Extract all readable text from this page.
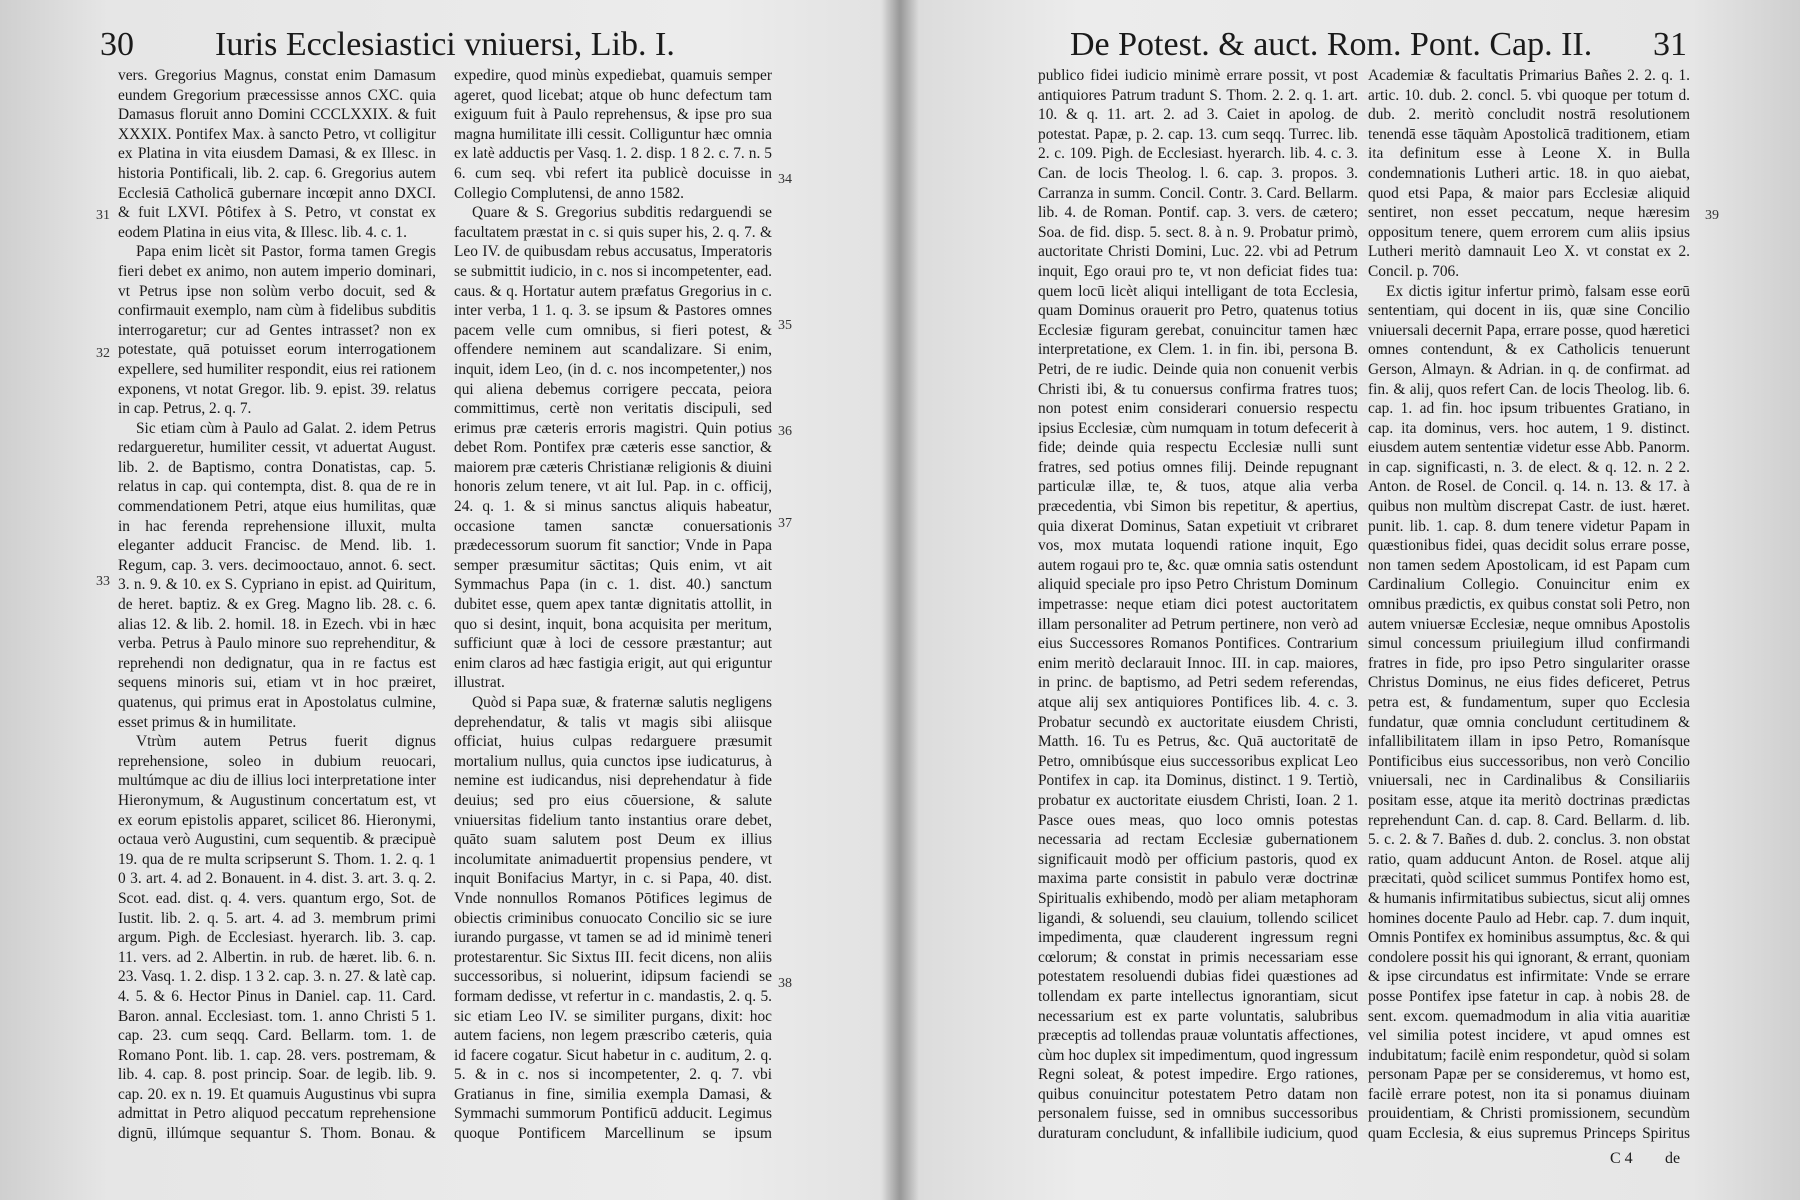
30 Iuris Ecclesiastici vniuersi, Lib. I.

vers. Gregorius Magnus, constat enim Damasum eundem Gregorium præcessisse annos CXC. quia Damasus floruit anno Domini CCCLXXIX. & fuit XXXIX. Pontifex Max. à sancto Petro, vt colligitur ex Platina in vita eiusdem Damasi, & ex Illesc. in historia Pontificali, lib. 2. cap. 6. Gregorius autem Ecclesiā Catholicā gubernare incœpit anno DXCI. & fuit LXVI. Pôtifex à S. Petro, vt constat ex eodem Platina in eius vita, & Illesc. lib. 4. c. 1.

Papa enim licèt sit Pastor, forma tamen Gregis fieri debet ex animo, non autem imperio dominari, vt Petrus ipse non solùm verbo docuit, sed & confirmauit exemplo, nam cùm à fidelibus subditis interrogaretur; cur ad Gentes intrasset? non ex potestate, quā potuisset eorum interrogationem expellere, sed humiliter respondit, eius rei rationem exponens, vt notat Gregor. lib. 9. epist. 39. relatus in cap. Petrus, 2. q. 7.

Sic etiam cùm à Paulo ad Galat. 2. idem Petrus redargueretur, humiliter cessit, vt aduertat August. lib. 2. de Baptismo, contra Donatistas, cap. 5. relatus in cap. qui contempta, dist. 8. qua de re in commendationem Petri, atque eius humilitas, quæ in hac ferenda reprehensione illuxit, multa eleganter adducit Francisc. de Mend. lib. 1. Regum, cap. 3. vers. decimooctauo, annot. 6. sect. 3. n. 9. & 10. ex S. Cypriano in epist. ad Quiritum, de heret. baptiz. & ex Greg. Magno lib. 28. c. 6. alias 12. & lib. 2. homil. 18. in Ezech. vbi in hæc verba. Petrus à Paulo minore suo reprehenditur, & reprehendi non dedignatur, qua in re factus est sequens minoris sui, etiam vt in hoc præiret, quatenus, qui primus erat in Apostolatus culmine, esset primus & in humilitate.

Vtrùm autem Petrus fuerit dignus reprehensione, soleo in dubium reuocari, multúmque ac diu de illius loci interpretatione inter Hieronymum, & Augustinum concertatum est, vt ex eorum epistolis apparet, scilicet 86. Hieronymi, octaua verò Augustini, cum sequentib. & præcipuè 19. qua de re multa scripserunt S. Thom. 1. 2. q. 1 0 3. art. 4. ad 2. Bonauent. in 4. dist. 3. art. 3. q. 2. Scot. ead. dist. q. 4. vers. quantum ergo, Sot. de Iustit. lib. 2. q. 5. art. 4. ad 3. membrum primi argum. Pigh. de Ecclesiast. hyerarch. lib. 3. cap. 11. vers. ad 2. Albertin. in rub. de hæret. lib. 6. n. 23. Vasq. 1. 2. disp. 1 3 2. cap. 3. n. 27. & latè cap. 4. 5. & 6. Hector Pinus in Daniel. cap. 11. Card. Baron. annal. Ecclesiast. tom. 1. anno Christi 5 1. cap. 23. cum seqq. Card. Bellarm. tom. 1. de Romano Pont. lib. 1. cap. 28. vers. postremam, & lib. 4. cap. 8. post princip. Soar. de legib. lib. 9. cap. 20. ex n. 19. Et quamuis Augustinus vbi supra admittat in Petro aliquod peccatum reprehensione dignū, illúmque sequantur S. Thom. Bonau. &

expedire, quod minùs expediebat, quamuis semper ageret, quod licebat; atque ob hunc defectum tam exiguum fuit à Paulo reprehensus, & ipse pro sua magna humilitate illi cessit. Colliguntur hæc omnia ex latè adductis per Vasq. 1. 2. disp. 1 8 2. c. 7. n. 5 6. cum seq. vbi refert ita publicè docuisse in Collegio Complutensi, de anno 1582.

Quare & S. Gregorius subditis redarguendi se facultatem præstat in c. si quis super his, 2. q. 7. & Leo IV. de quibusdam rebus accusatus, Imperatoris se submittit iudicio, in c. nos si incompetenter, ead. caus. & q. Hortatur autem præfatus Gregorius in c. inter verba, 1 1. q. 3. se ipsum & Pastores omnes pacem velle cum omnibus, si fieri potest, & offendere neminem aut scandalizare. Si enim, inquit, idem Leo, (in d. c. nos incompetenter,) nos qui aliena debemus corrigere peccata, peiora committimus, certè non veritatis discipuli, sed erimus præ cæteris erroris magistri. Quin potius debet Rom. Pontifex præ cæteris esse sanctior, & maiorem præ cæteris Christianæ religionis & diuini honoris zelum tenere, vt ait Iul. Pap. in c. officij, 24. q. 1. & si minus sanctus aliquis habeatur, occasione tamen sanctæ conuersationis prædecessorum suorum fit sanctior; Vnde in Papa semper præsumitur sāctitas; Quis enim, vt ait Symmachus Papa (in c. 1. dist. 40.) sanctum dubitet esse, quem apex tantæ dignitatis attollit, in quo si desint, inquit, bona acquisita per meritum, sufficiunt quæ à loci de cessore præstantur; aut enim claros ad hæc fastigia erigit, aut qui eriguntur illustrat.

Quòd si Papa suæ, & fraternæ salutis negligens deprehendatur, & talis vt magis sibi aliisque officiat, huius culpas redarguere præsumit mortalium nullus, quia cunctos ipse iudicaturus, à nemine est iudicandus, nisi deprehendatur à fide deuius; sed pro eius cōuersione, & salute vniuersitas fidelium tanto instantius orare debet, quāto suam salutem post Deum ex illius incolumitate animaduertit propensius pendere, vt inquit Bonifacius Martyr, in c. si Papa, 40. dist. Vnde nonnullos Romanos Pōtifices legimus de obiectis criminibus conuocato Concilio sic se iure iurando purgasse, vt tamen se ad id minimè teneri protestarentur. Sic Sixtus III. fecit dicens, non aliis successoribus, si noluerint, idipsum faciendi se formam dedisse, vt refertur in c. mandastis, 2. q. 5. sic etiam Leo IV. se similiter purgans, dixit: hoc autem faciens, non legem præscribo cæteris, quia id facere cogatur. Sicut habetur in c. auditum, 2. q. 5. & in c. nos si incompetenter, 2. q. 7. vbi Gratianus in fine, similia exempla Damasi, & Symmachi summorum Pontificū adducit. Legimus quoque Pontificem Marcellinum se ipsum

31
32
33
34
35
36
37
38
De Potest. & auct. Rom. Pont. Cap. II. 31

publico fidei iudicio minimè errare possit, vt post antiquiores Patrum tradunt S. Thom. 2. 2. q. 1. art. 10. & q. 11. art. 2. ad 3. Caiet in apolog. de potestat. Papæ, p. 2. cap. 13. cum seqq. Turrec. lib. 2. c. 109. Pigh. de Ecclesiast. hyerarch. lib. 4. c. 3. Can. de locis Theolog. l. 6. cap. 3. propos. 3. Carranza in summ. Concil. Contr. 3. Card. Bellarm. lib. 4. de Roman. Pontif. cap. 3. vers. de cætero; Soa. de fid. disp. 5. sect. 8. à n. 9. Probatur primò, auctoritate Christi Domini, Luc. 22. vbi ad Petrum inquit, Ego oraui pro te, vt non deficiat fides tua: quem locū licèt aliqui intelligant de tota Ecclesia, quam Dominus orauerit pro Petro, quatenus totius Ecclesiæ figuram gerebat, conuincitur tamen hæc interpretatione, ex Clem. 1. in fin. ibi, persona B. Petri, de re iudic. Deinde quia non conuenit verbis Christi ibi, & tu conuersus confirma fratres tuos; non potest enim considerari conuersio respectu ipsius Ecclesiæ, cùm numquam in totum defecerit à fide; deinde quia respectu Ecclesiæ nulli sunt fratres, sed potius omnes filij. Deinde repugnant particulæ illæ, te, & tuos, atque alia verba præcedentia, vbi Simon bis repetitur, & apertius, quia dixerat Dominus, Satan expetiuit vt cribraret vos, mox mutata loquendi ratione inquit, Ego autem rogaui pro te, &c. quæ omnia satis ostendunt aliquid speciale pro ipso Petro Christum Dominum impetrasse: neque etiam dici potest auctoritatem illam personaliter ad Petrum pertinere, non verò ad eius Successores Romanos Pontifices. Contrarium enim meritò declarauit Innoc. III. in cap. maiores, in princ. de baptismo, ad Petri sedem referendas, atque alij sex antiquiores Pontifices lib. 4. c. 3. Probatur secundò ex auctoritate eiusdem Christi, Matth. 16. Tu es Petrus, &c. Quā auctoritatē de Petro, omnibúsque eius successoribus explicat Leo Pontifex in cap. ita Dominus, distinct. 1 9. Tertiò, probatur ex auctoritate eiusdem Christi, Ioan. 2 1. Pasce oues meas, quo loco omnis potestas necessaria ad rectam Ecclesiæ gubernationem significauit modò per officium pastoris, quod ex maxima parte consistit in pabulo veræ doctrinæ Spiritualis exhibendo, modò per aliam metaphoram ligandi, & soluendi, seu clauium, tollendo scilicet impedimenta, quæ clauderent ingressum regni cœlorum; & constat in primis necessariam esse potestatem resoluendi dubias fidei quæstiones ad tollendam ex parte intellectus ignorantiam, sicut necessarium est ex parte voluntatis, salubribus præceptis ad tollendas prauæ voluntatis affectiones, cùm hoc duplex sit impedimentum, quod ingressum Regni soleat, & potest impedire. Ergo rationes, quibus conuincitur potestatem Petro datam non personalem fuisse, sed in omnibus successoribus duraturam concludunt, & infallibile iudicium, quod

Academiæ & facultatis Primarius Bañes 2. 2. q. 1. artic. 10. dub. 2. concl. 5. vbi quoque per totum d. dub. 2. meritò concludit nostrā resolutionem tenendā esse tāquàm Apostolicā traditionem, etiam ita definitum esse à Leone X. in Bulla condemnationis Lutheri artic. 18. in quo aiebat, quod etsi Papa, & maior pars Ecclesiæ aliquid sentiret, non esset peccatum, neque hæresim oppositum tenere, quem errorem cum aliis ipsius Lutheri meritò damnauit Leo X. vt constat ex 2. Concil. p. 706.

Ex dictis igitur infertur primò, falsam esse eorū sententiam, qui docent in iis, quæ sine Concilio vniuersali decernit Papa, errare posse, quod hæretici omnes contendunt, & ex Catholicis tenuerunt Gerson, Almayn. & Adrian. in q. de confirmat. ad fin. & alij, quos refert Can. de locis Theolog. lib. 6. cap. 1. ad fin. hoc ipsum tribuentes Gratiano, in cap. ita dominus, vers. hoc autem, 1 9. distinct. eiusdem autem sententiæ videtur esse Abb. Panorm. in cap. significasti, n. 3. de elect. & q. 12. n. 2 2. Anton. de Rosel. de Concil. q. 14. n. 13. & 17. à quibus non multùm discrepat Castr. de iust. hæret. punit. lib. 1. cap. 8. dum tenere videtur Papam in quæstionibus fidei, quas decidit solus errare posse, non tamen sedem Apostolicam, id est Papam cum Cardinalium Collegio. Conuincitur enim ex omnibus prædictis, ex quibus constat soli Petro, non autem vniuersæ Ecclesiæ, neque omnibus Apostolis simul concessum priuilegium illud confirmandi fratres in fide, pro ipso Petro singulariter orasse Christus Dominus, ne eius fides deficeret, Petrus petra est, & fundamentum, super quo Ecclesia fundatur, quæ omnia concludunt certitudinem & infallibilitatem illam in ipso Petro, Romanísque Pontificibus eius successoribus, non verò Concilio vniuersali, nec in Cardinalibus & Consiliariis positam esse, atque ita meritò doctrinas prædictas reprehendunt Can. d. cap. 8. Card. Bellarm. d. lib. 5. c. 2. & 7. Bañes d. dub. 2. conclus. 3. non obstat ratio, quam adducunt Anton. de Rosel. atque alij præcitati, quòd scilicet summus Pontifex homo est, & humanis infirmitatibus subiectus, sicut alij omnes homines docente Paulo ad Hebr. cap. 7. dum inquit, Omnis Pontifex ex hominibus assumptus, &c. & qui condolere possit his qui ignorant, & errant, quoniam & ipse circundatus est infirmitate: Vnde se errare posse Pontifex ipse fatetur in cap. à nobis 28. de sent. excom. quemadmodum in alia vitia auaritiæ vel similia potest incidere, vt apud omnes est indubitatum; facilè enim respondetur, quòd si solam personam Papæ per se consideremus, vt homo est, facilè errare potest, non ita si ponamus diuinam prouidentiam, & Christi promissionem, secundùm quam Ecclesia, & eius supremus Princeps Spiritus

39
C 4 de
